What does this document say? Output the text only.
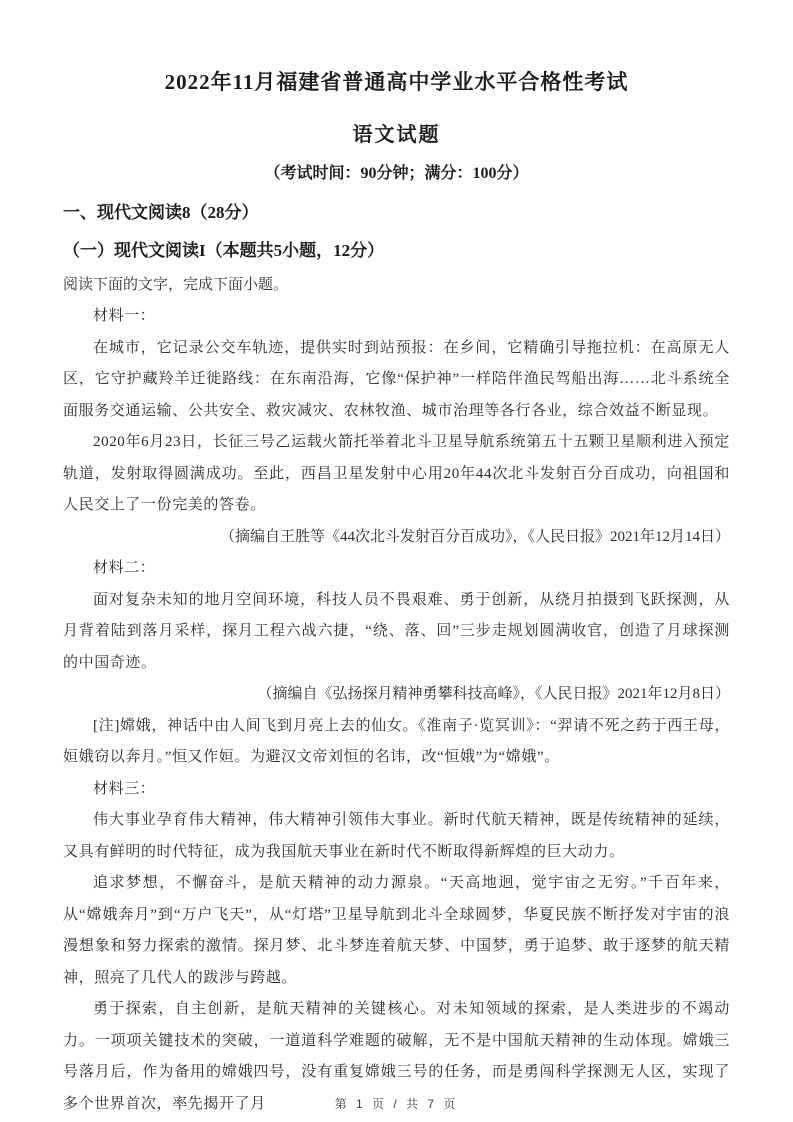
2022年11月福建省普通高中学业水平合格性考试
语文试题
（考试时间：90分钟；满分：100分）
一、现代文阅读8（28分）
（一）现代文阅读I（本题共5小题，12分）
阅读下面的文字，完成下面小题。

材料一：

在城市，它记录公交车轨迹，提供实时到站预报：在乡间，它精确引导拖拉机：在高原无人区，它守护藏羚羊迁徙路线：在东南沿海，它像“保护神”一样陪伴渔民驾船出海……北斗系统全面服务交通运输、公共安全、救灾减灾、农林牧渔、城市治理等各行各业，综合效益不断显现。

2020年6月23日，长征三号乙运载火箭托举着北斗卫星导航系统第五十五颗卫星顺利进入预定轨道，发射取得圆满成功。至此，西昌卫星发射中心用20年44次北斗发射百分百成功，向祖国和人民交上了一份完美的答卷。

（摘编自王胜等《44次北斗发射百分百成功》，《人民日报》2021年12月14日）

材料二：

面对复杂未知的地月空间环境，科技人员不畏艰难、勇于创新，从绕月拍摄到飞跃探测，从月背着陆到落月采样，探月工程六战六捷，“绕、落、回”三步走规划圆满收官，创造了月球探测的中国奇迹。

（摘编自《弘扬探月精神勇攀科技高峰》，《人民日报》2021年12月8日）

[注]嫦娥，神话中由人间飞到月亮上去的仙女。《淮南子·览冥训》：“羿请不死之药于西王母，姮娥窃以奔月。”恒又作姮。为避汉文帝刘恒的名讳，改“恒娥”为“嫦娥”。

材料三：

伟大事业孕育伟大精神，伟大精神引领伟大事业。新时代航天精神，既是传统精神的延续，又具有鲜明的时代特征，成为我国航天事业在新时代不断取得新辉煌的巨大动力。

追求梦想，不懈奋斗，是航天精神的动力源泉。“天高地迥，觉宇宙之无穷。”千百年来，从“嫦娥奔月”到“万户飞天”，从“灯塔”卫星导航到北斗全球圆梦，华夏民族不断抒发对宇宙的浪漫想象和努力探索的激情。探月梦、北斗梦连着航天梦、中国梦，勇于追梦、敢于逐梦的航天精神，照亮了几代人的跋涉与跨越。

勇于探索，自主创新，是航天精神的关键核心。对未知领域的探索，是人类进步的不竭动力。一项项关键技术的突破，一道道科学难题的破解，无不是中国航天精神的生动体现。嫦娥三号落月后，作为备用的嫦娥四号，没有重复嫦娥三号的任务，而是勇闯科学探测无人区，实现了多个世界首次，率先揭开了月	第 1 页 / 共 7 页
